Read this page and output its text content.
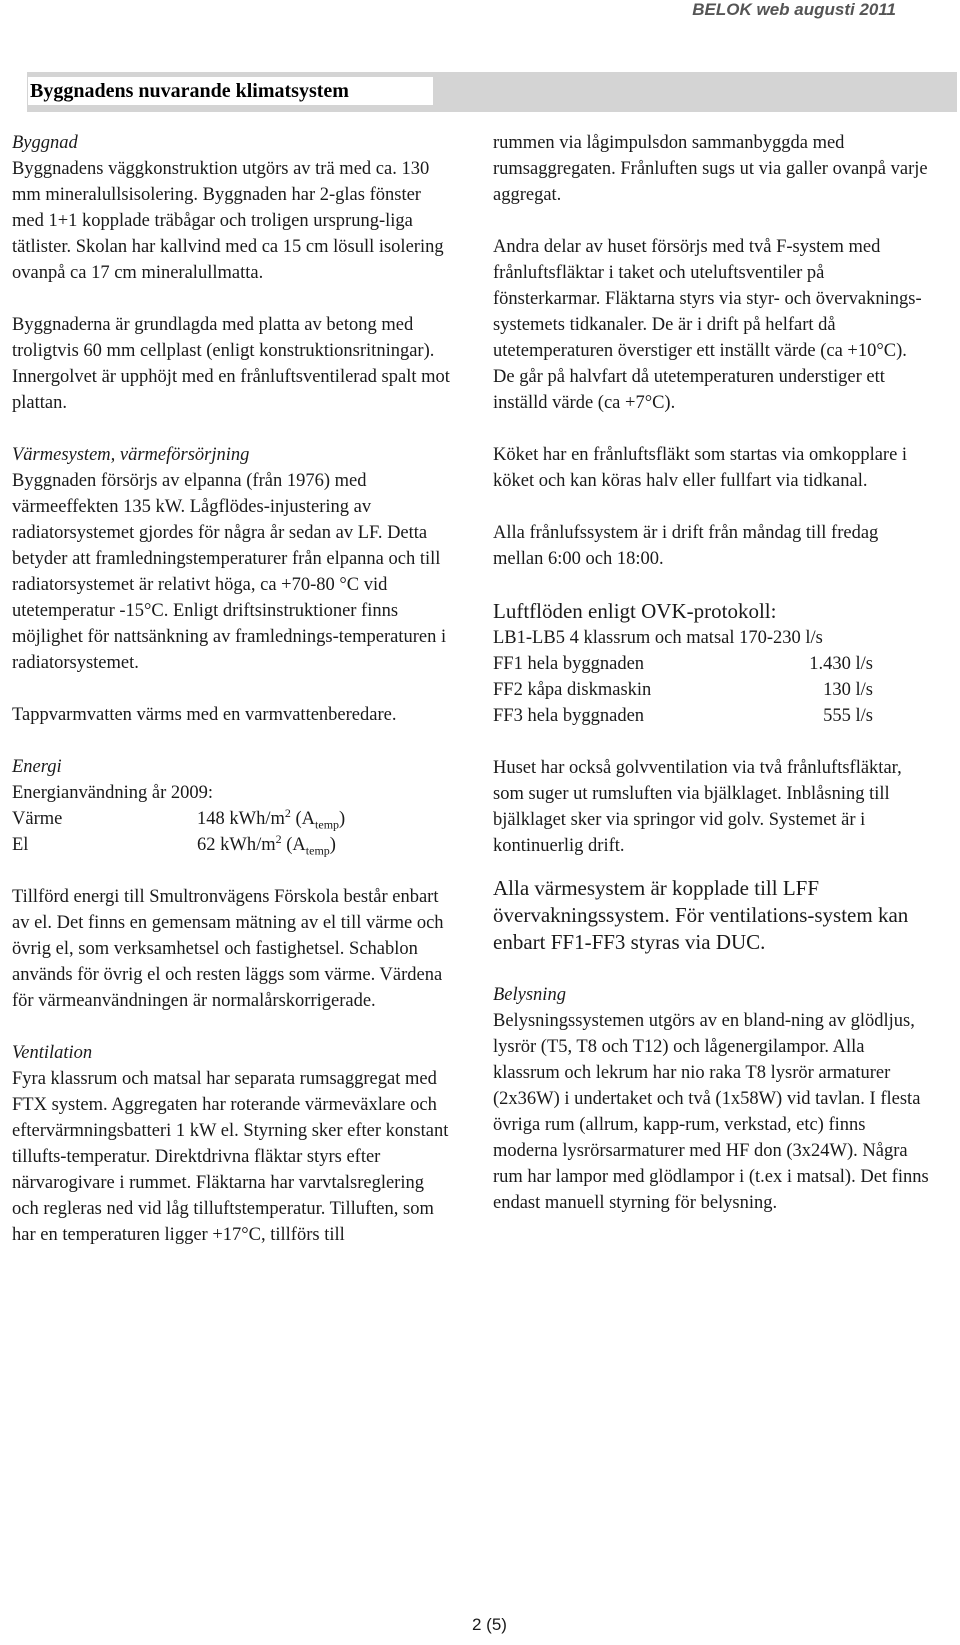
BELOK web augusti 2011
Byggnadens nuvarande klimatsystem

Byggnad

Byggnadens väggkonstruktion utgörs av trä med ca. 130 mm mineralullsisolering. Byggnaden har 2-glas fönster med 1+1 kopplade träbågar och troligen ursprung-liga tätlister. Skolan har kallvind med ca 15 cm lösull isolering ovanpå ca 17 cm mineralullmatta.

Byggnaderna är grundlagda med platta av betong med troligtvis 60 mm cellplast (enligt konstruktionsritningar). Innergolvet är upphöjt med en frånluftsventilerad spalt mot plattan.

Värmesystem, värmeförsörjning

Byggnaden försörjs av elpanna (från 1976) med värmeeffekten 135 kW. Lågflödes-injustering av radiatorsystemet gjordes för några år sedan av LF. Detta betyder att framledningstemperaturer från elpanna och till radiatorsystemet är relativt höga, ca +70-80 °C vid utetemperatur -15°C. Enligt driftsinstruktioner finns möjlighet för nattsänkning av framlednings-temperaturen i radiatorsystemet.

Tappvarmvatten värms med en varmvattenberedare.

Energi

Energianvändning år 2009:

Värme	148 kWh/$m^2$ $(A_{temp})$
El	62 kWh/$m^2$ $(A_{temp})$

Tillförd energi till Smultronvägens Förskola består enbart av el. Det finns en gemensam mätning av el till värme och övrig el, som verksamhetsel och fastighetsel. Schablon används för övrig el och resten läggs som värme. Värdena för värmeanvändningen är normalårskorrigerade.

Ventilation

Fyra klassrum och matsal har separata rumsaggregat med FTX system. Aggregaten har roterande värmeväxlare och eftervärmningsbatteri 1 kW el. Styrning sker efter konstant tillufts-temperatur. Direktdrivna fläktar styrs efter närvarogivare i rummet. Fläktarna har varvtalsreglering och regleras ned vid låg tilluftstemperatur. Tilluften, som har en temperaturen ligger +17°C, tillförs till

rummen via lågimpulsdon sammanbyggda med rumsaggregaten. Frånluften sugs ut via galler ovanpå varje aggregat.

Andra delar av huset försörjs med två F-system med frånluftsfläktar i taket och uteluftsventiler på fönsterkarmar. Fläktarna styrs via styr- och övervaknings-systemets tidkanaler. De är i drift på helfart då utetemperaturen överstiger ett inställt värde (ca +10°C). De går på halvfart då utetemperaturen understiger ett inställd värde (ca +7°C).

Köket har en frånluftsfläkt som startas via omkopplare i köket och kan köras halv eller fullfart via tidkanal.

Alla frånlufssystem är i drift från måndag till fredag mellan 6:00 och 18:00.

Luftflöden enligt OVK-protokoll:

LB1-LB5 4 klassrum och matsal 170-230 l/s

FF1 hela byggnaden	1.430 l/s
FF2 kåpa diskmaskin	130 l/s
FF3 hela byggnaden	555 l/s

Huset har också golvventilation via två frånluftsfläktar, som suger ut rumsluften via bjälklaget. Inblåsning till bjälklaget sker via springor vid golv. Systemet är i kontinuerlig drift.

Alla värmesystem är kopplade till LFF övervakningssystem. För ventilations-system kan enbart FF1-FF3 styras via DUC.

Belysning

Belysningssystemen utgörs av en bland-ning av glödljus, lysrör (T5, T8 och T12) och lågenergilampor. Alla klassrum och lekrum har nio raka T8 lysrör armaturer (2x36W) i undertaket och två (1x58W) vid tavlan. I flesta övriga rum (allrum, kapp-rum, verkstad, etc) finns moderna lysrörsarmaturer med HF don (3x24W). Några rum har lampor med glödlampor i (t.ex i matsal). Det finns endast manuell styrning för belysning.

2 (5)
